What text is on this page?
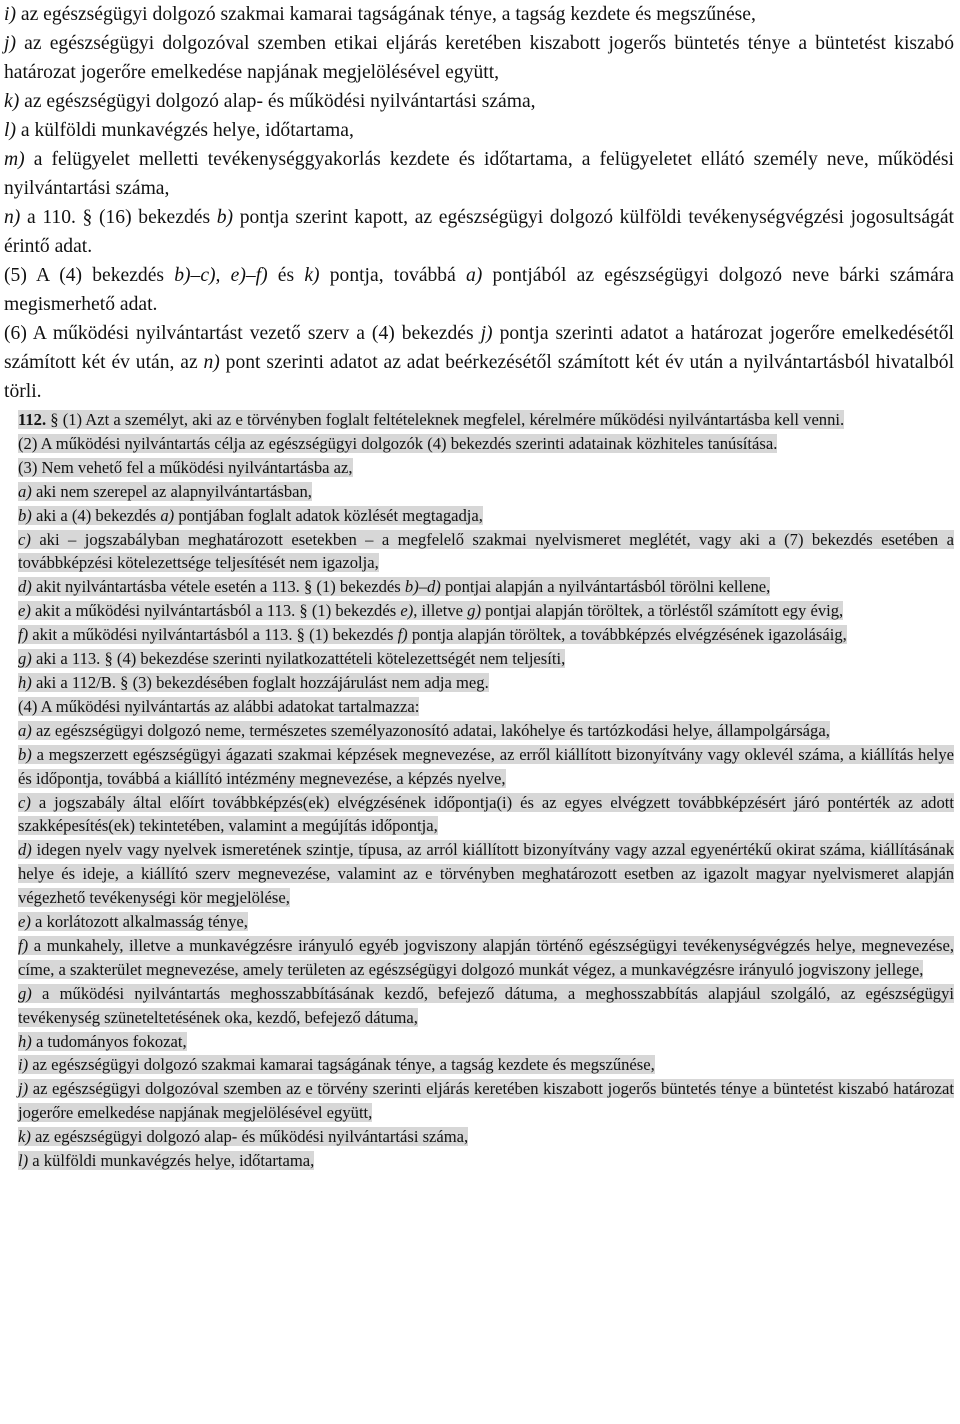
i) az egészségügyi dolgozó szakmai kamarai tagságának ténye, a tagság kezdete és megszűnése,

j) az egészségügyi dolgozóval szemben etikai eljárás keretében kiszabott jogerős büntetés ténye a büntetést kiszabó határozat jogerőre emelkedése napjának megjelölésével együtt,

k) az egészségügyi dolgozó alap- és működési nyilvántartási száma,

l) a külföldi munkavégzés helye, időtartama,

m) a felügyelet melletti tevékenységgyakorlás kezdete és időtartama, a felügyeletet ellátó személy neve, működési nyilvántartási száma,

n) a 110. § (16) bekezdés b) pontja szerint kapott, az egészségügyi dolgozó külföldi tevékenységvégzési jogosultságát érintő adat.

(5) A (4) bekezdés b)–c), e)–f) és k) pontja, továbbá a) pontjából az egészségügyi dolgozó neve bárki számára megismerhető adat.

(6) A működési nyilvántartást vezető szerv a (4) bekezdés j) pontja szerinti adatot a határozat jogerőre emelkedésétől számított két év után, az n) pont szerinti adatot az adat beérkezésétől számított két év után a nyilvántartásból hivatalból törli.

112. § (1) Azt a személyt, aki az e törvényben foglalt feltételeknek megfelel, kérelmére működési nyilvántartásba kell venni.

(2) A működési nyilvántartás célja az egészségügyi dolgozók (4) bekezdés szerinti adatainak közhiteles tanúsítása.

(3) Nem vehető fel a működési nyilvántartásba az,

a) aki nem szerepel az alapnyilvántartásban,

b) aki a (4) bekezdés a) pontjában foglalt adatok közlését megtagadja,

c) aki – jogszabályban meghatározott esetekben – a megfelelő szakmai nyelvismeret meglétét, vagy aki a (7) bekezdés esetében a továbbképzési kötelezettsége teljesítését nem igazolja,

d) akit nyilvántartásba vétele esetén a 113. § (1) bekezdés b)–d) pontjai alapján a nyilvántartásból törölni kellene,

e) akit a működési nyilvántartásból a 113. § (1) bekezdés e), illetve g) pontjai alapján töröltek, a törléstől számított egy évig,

f) akit a működési nyilvántartásból a 113. § (1) bekezdés f) pontja alapján töröltek, a továbbképzés elvégzésének igazolásáig,

g) aki a 113. § (4) bekezdése szerinti nyilatkozattételi kötelezettségét nem teljesíti,

h) aki a 112/B. § (3) bekezdésében foglalt hozzájárulást nem adja meg.

(4) A működési nyilvántartás az alábbi adatokat tartalmazza:

a) az egészségügyi dolgozó neme, természetes személyazonosító adatai, lakóhelye és tartózkodási helye, állampolgársága,

b) a megszerzett egészségügyi ágazati szakmai képzések megnevezése, az erről kiállított bizonyítvány vagy oklevél száma, a kiállítás helye és időpontja, továbbá a kiállító intézmény megnevezése, a képzés nyelve,

c) a jogszabály által előírt továbbképzés(ek) elvégzésének időpontja(i) és az egyes elvégzett továbbképzésért járó pontérték az adott szakképesítés(ek) tekintetében, valamint a megújítás időpontja,

d) idegen nyelv vagy nyelvek ismeretének szintje, típusa, az arról kiállított bizonyítvány vagy azzal egyenértékű okirat száma, kiállításának helye és ideje, a kiállító szerv megnevezése, valamint az e törvényben meghatározott esetben az igazolt magyar nyelvismeret alapján végezhető tevékenységi kör megjelölése,

e) a korlátozott alkalmasság ténye,

f) a munkahely, illetve a munkavégzésre irányuló egyéb jogviszony alapján történő egészségügyi tevékenységvégzés helye, megnevezése, címe, a szakterület megnevezése, amely területen az egészségügyi dolgozó munkát végez, a munkavégzésre irányuló jogviszony jellege,

g) a működési nyilvántartás meghosszabbításának kezdő, befejező dátuma, a meghosszabbítás alapjául szolgáló, az egészségügyi tevékenység szüneteltetésének oka, kezdő, befejező dátuma,

h) a tudományos fokozat,

i) az egészségügyi dolgozó szakmai kamarai tagságának ténye, a tagság kezdete és megszűnése,

j) az egészségügyi dolgozóval szemben az e törvény szerinti eljárás keretében kiszabott jogerős büntetés ténye a büntetést kiszabó határozat jogerőre emelkedése napjának megjelölésével együtt,

k) az egészségügyi dolgozó alap- és működési nyilvántartási száma,

l) a külföldi munkavégzés helye, időtartama,
